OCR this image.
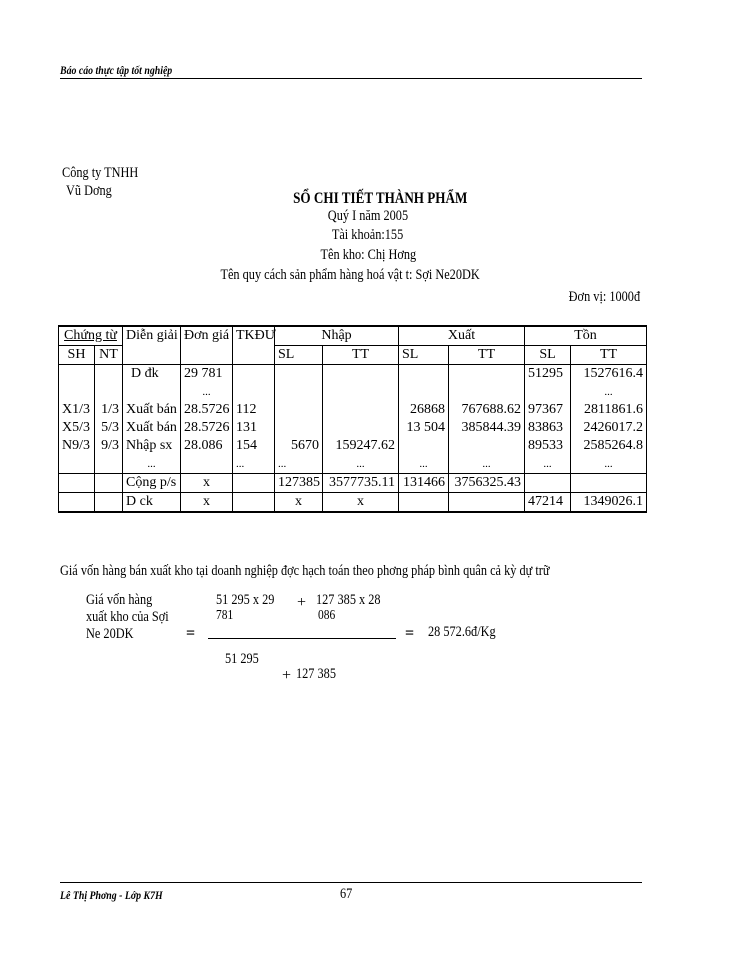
Báo cáo thực tập tốt nghiệp
Công ty TNHH
Vũ Dơng	SỔ CHI TIẾT THÀNH PHẨM
Quý I năm 2005
Tài khoản:155
Tên kho: Chị Hơng
Tên quy cách sản phẩm hàng hoá vật t: Sợi Ne20DK
Đơn vị: 1000đ
Chứng từ		Diễn giải	Đơn giá	TKĐƯ	Nhập		Xuất		Tồn	
SH	NT				SL	TT	SL	TT	SL	TT
		D đk	29 781						51295	1527616.4
			...							...
X1/3	1/3	Xuất bán	28.5726	112			26868	767688.62	97367	2811861.6
X5/3	5/3	Xuất bán	28.5726	131			13 504	385844.39	83863	2426017.2
N9/3	9/3	Nhập sx	28.086	154	5670	159247.62			89533	2585264.8
		...		...	...	...	...	...	...	...
		Cộng p/s	x		127385	3577735.11	131466	3756325.43		
		D ck	x		x	x			47214	1349026.1
Giá vốn hàng bán xuất kho tại doanh nghiệp đợc hạch toán theo phơng pháp bình quân cả kỳ dự trữ
Giá vốn hàng
xuất kho của Sợi
Ne 20DK
51 295 x 29
781
+ 127 385 x 28
086
=	= 28 572.6đ/Kg
51 295
+ 127 385
Lê Thị Phơng - Lớp K7H	67
